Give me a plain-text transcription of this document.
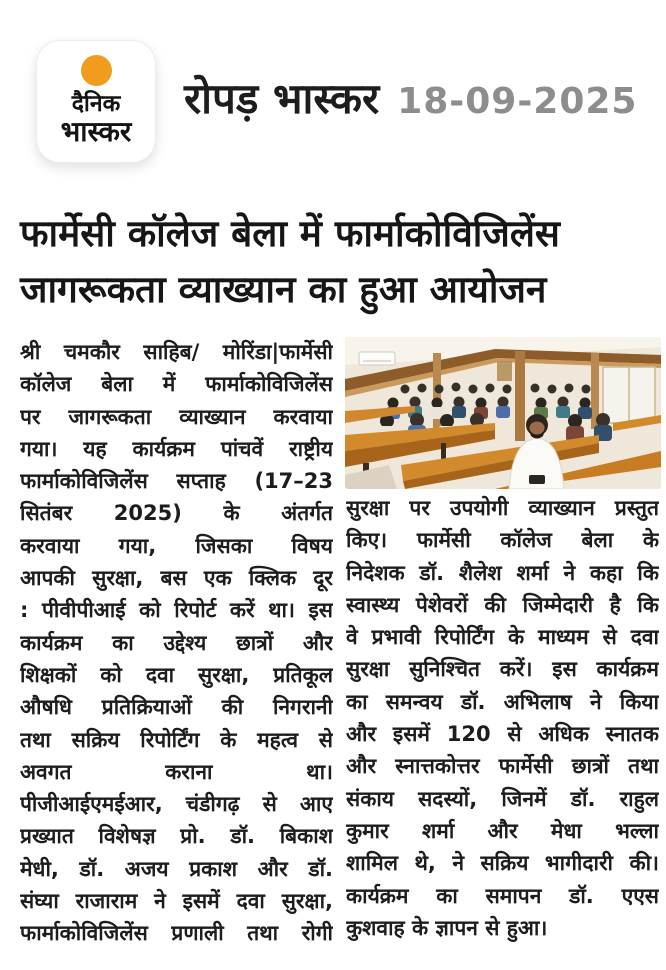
दैनिक
भास्कर
रोपड़ भास्कर 18-09-2025
फार्मेसी कॉलेज बेला में फार्माकोविजिलेंस
जागरूकता व्याख्यान का हुआ आयोजन
श्री चमकौर साहिब/ मोरिंडा|फार्मेसी
कॉलेज बेला में फार्माकोविजिलेंस
पर जागरूकता व्याख्यान करवाया
गया। यह कार्यक्रम पांचवें राष्ट्रीय
फार्माकोविजिलेंस सप्ताह (17–23
सितंबर 2025) के अंतर्गत
करवाया गया, जिसका विषय
आपकी सुरक्षा, बस एक क्लिक दूर
: पीवीपीआई को रिपोर्ट करें था। इस
कार्यक्रम का उद्देश्य छात्रों और
शिक्षकों को दवा सुरक्षा, प्रतिकूल
औषधि प्रतिक्रियाओं की निगरानी
तथा सक्रिय रिपोर्टिंग के महत्व से
अवगत कराना था।
पीजीआईएमईआर, चंडीगढ़ से आए
प्रख्यात विशेषज्ञ प्रो. डॉ. बिकाश
मेधी, डॉ. अजय प्रकाश और डॉ.
संघ्या राजाराम ने इसमें दवा सुरक्षा,
फार्माकोविजिलेंस प्रणाली तथा रोगी
सुरक्षा पर उपयोगी व्याख्यान प्रस्तुत
किए। फार्मेसी कॉलेज बेला के
निदेशक डॉ. शैलेश शर्मा ने कहा कि
स्वास्थ्य पेशेवरों की जिम्मेदारी है कि
वे प्रभावी रिपोर्टिंग के माध्यम से दवा
सुरक्षा सुनिश्चित करें। इस कार्यक्रम
का समन्वय डॉ. अभिलाष ने किया
और इसमें 120 से अधिक स्नातक
और स्नात्तकोत्तर फार्मेसी छात्रों तथा
संकाय सदस्यों, जिनमें डॉ. राहुल
कुमार शर्मा और मेधा भल्ला
शामिल थे, ने सक्रिय भागीदारी की।
कार्यक्रम का समापन डॉ. एएस
कुशवाह के ज्ञापन से हुआ।
